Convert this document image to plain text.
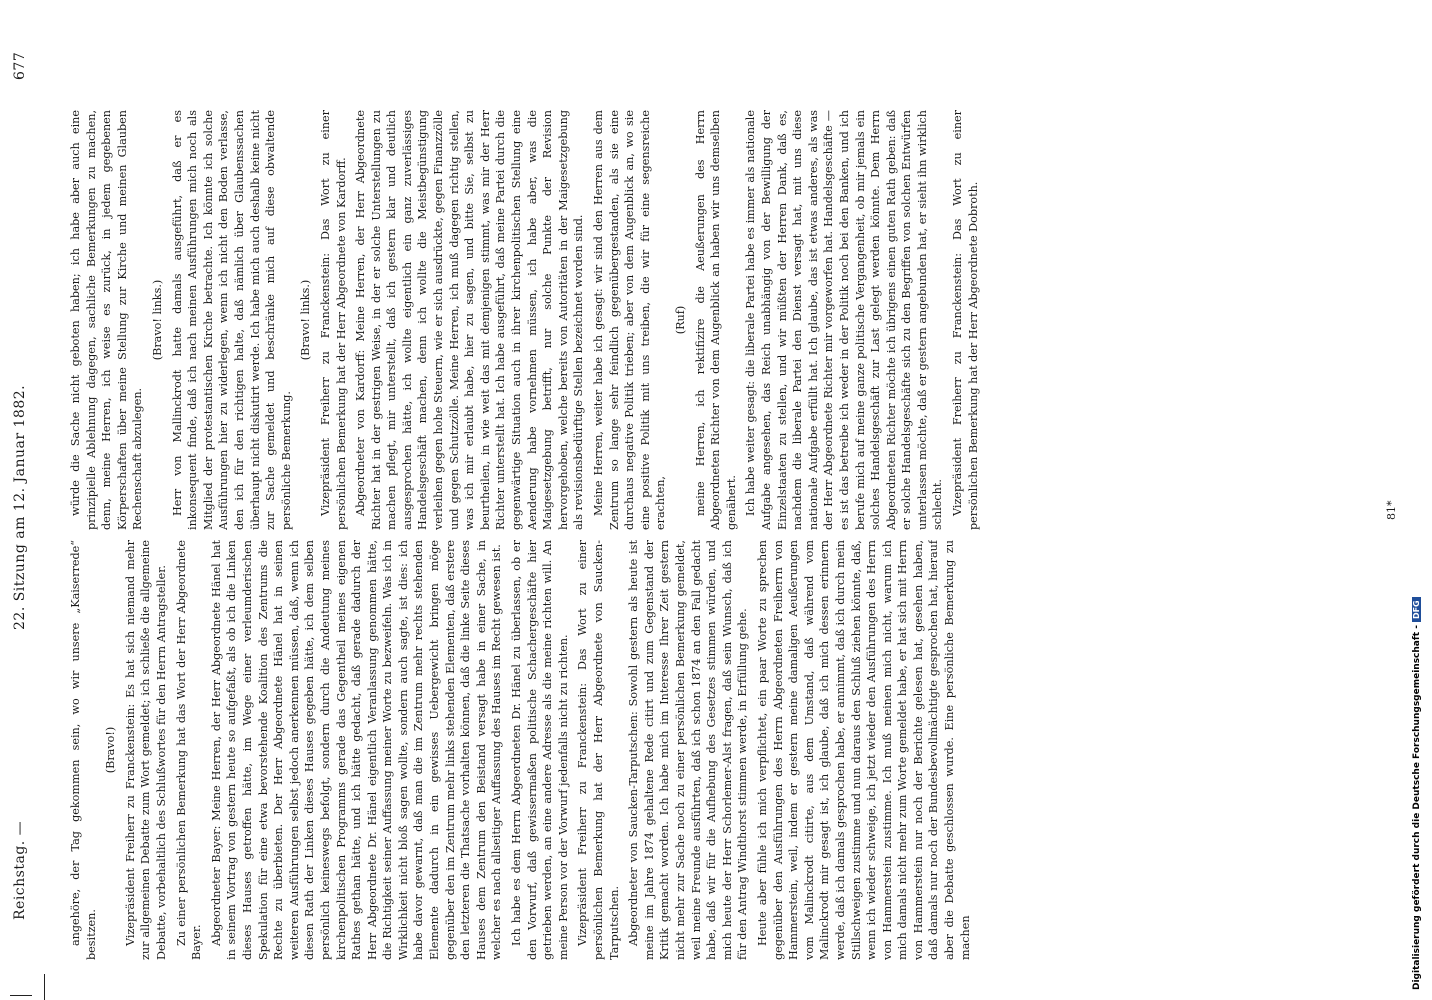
Reichstag. —
22. Sitzung am 12. Januar 1882.
677

angehöre, der Tag gekommen sein, wo wir unsere „Kaiserrede“ besitzen.

(Bravo!) Vizepräsident Freiherr zu Franckenstein: Es hat sich niemand mehr zur allgemeinen Debatte zum Wort gemeldet; ich schließe die allgemeine Debatte, vorbehaltlich des Schlußwortes für den Herrn Antragsteller. Zu einer persönlichen Bemerkung hat das Wort der Herr Abgeordnete Bayer. Abgeordneter Bayer: Meine Herren, der Herr Abgeordnete Hänel hat in seinem Vortrag von gestern heute so aufgefaßt, als ob ich die Linken dieses Hauses getroffen hätte, im Wege einer verleumderischen Spekulation für eine etwa bevorstehende Koalition des Zentrums die Rechte zu überbieten. Der Herr Abgeordnete Hänel hat in seinen weiteren Ausführungen selbst jedoch anerkennen müssen, daß, wenn ich diesen Rath der Linken dieses Hauses gegeben hätte, ich dem selben persönlich keineswegs befolgt, sondern durch die Andeutung meines kirchenpolitischen Programms gerade das Gegentheil meines eigenen Rathes gethan hätte, und ich hätte gedacht, daß gerade dadurch der Herr Abgeordnete Dr. Hänel eigentlich Veranlassung genommen hätte, die Richtigkeit seiner Auffassung meiner Worte zu bezweifeln. Was ich in Wirklichkeit nicht bloß sagen wollte, sondern auch sagte, ist dies: ich habe davor gewarnt, daß man die im Zentrum mehr rechts stehenden Elemente dadurch in ein gewisses Uebergewicht bringen möge gegenüber den im Zentrum mehr links stehenden Elementen, daß erstere den letzteren die Thatsache vorhalten können, daß die linke Seite dieses Hauses dem Zentrum den Beistand versagt habe in einer Sache, in welcher es nach allseitiger Auffassung des Hauses im Recht gewesen ist. Ich habe es dem Herrn Abgeordneten Dr. Hänel zu überlassen, ob er den Vorwurf, daß gewissermaßen politische Schachergeschäfte hier getrieben werden, an eine andere Adresse als die meine richten will. An meine Person vor der Vorwurf jedenfalls nicht zu richten. Vizepräsident Freiherr zu Franckenstein: Das Wort zu einer persönlichen Bemerkung hat der Herr Abgeordnete von Saucken-Tarputschen. Abgeordneter von Saucken-Tarputschen: Sowohl gestern als heute ist meine im Jahre 1874 gehaltene Rede citirt und zum Gegenstand der Kritik gemacht worden. Ich habe mich im Interesse Ihrer Zeit gestern nicht mehr zur Sache noch zu einer persönlichen Bemerkung gemeldet, weil meine Freunde ausführten, daß ich schon 1874 an den Fall gedacht habe, daß wir für die Aufhebung des Gesetzes stimmen würden, und mich heute der Herr Schorlemer-Alst fragen, daß sein Wunsch, daß ich für den Antrag Windthorst stimmen werde, in Erfüllung gehe. Heute aber fühle ich mich verpflichtet, ein paar Worte zu sprechen gegenüber den Ausführungen des Herrn Abgeordneten Freiherrn von Hammerstein, weil, indem er gestern meine damaligen Aeußerungen vom Malinckrodt citirte, aus dem Umstand, daß während vom Malinckrodt mir gesagt ist, ich glaube, daß ich mich dessen erinnern werde, daß ich damals gesprochen habe, er annimmt, daß ich durch mein Stillschweigen zustimme und nun daraus den Schluß ziehen könnte, daß, wenn ich wieder schweige, ich jetzt wieder den Ausführungen des Herrn von Hammerstein zustimme. Ich muß meinen mich nicht, warum ich mich damals nicht mehr zum Worte gemeldet habe, er hat sich mit Herrn von Hammerstein nur noch der Berichte gelesen hat, gesehen haben, daß damals nur noch der Bundesbevollmächtigte gesprochen hat, hierauf aber die Debatte geschlossen wurde. Eine persönliche Bemerkung zu machen

würde die Sache nicht geboten haben; ich habe aber auch eine prinzipielle Ablehnung dagegen, sachliche Bemerkungen zu machen, denn, meine Herren, ich weise es zurück, in jedem gegebenen Körperschaften über meine Stellung zur Kirche und meinen Glauben Rechenschaft abzulegen.

(Bravo! links.) Herr von Mallinckrodt hatte damals ausgeführt, daß er es inkonsequent finde, daß ich nach meinen Ausführungen mich noch als Mitglied der protestantischen Kirche betrachte. Ich könnte ich solche Ausführungen hier zu widerlegen, wenn ich nicht den Boden verlasse, den ich für den richtigen halte, daß nämlich über Glaubenssachen überhaupt nicht diskutirt werde. Ich habe mich auch deshalb keine nicht zur Sache gemeldet und beschränke mich auf diese obwaltende persönliche Bemerkung.

(Bravo! links.) Vizepräsident Freiherr zu Franckenstein: Das Wort zu einer persönlichen Bemerkung hat der Herr Abgeordnete von Kardorff. Abgeordneter von Kardorff: Meine Herren, der Herr Abgeordnete Richter hat in der gestrigen Weise, in der er solche Unterstellungen zu machen pflegt, mir unterstellt, daß ich gestern klar und deutlich ausgesprochen hätte, ich wollte eigentlich ein ganz zuverlässiges Handelsgeschäft machen, denn ich wollte die Meistbegünstigung verleihen gegen hohe Steuern, wie er sich ausdrückte, gegen Finanzzölle und gegen Schutzzölle. Meine Herren, ich muß dagegen richtig stellen, was ich mir erlaubt habe, hier zu sagen, und bitte Sie, selbst zu beurtheilen, in wie weit das mit demjenigen stimmt, was mir der Herr Richter unterstellt hat. Ich habe ausgeführt, daß meine Partei durch die gegenwärtige Situation auch in ihrer kirchenpolitischen Stellung eine Aenderung habe vornehmen müssen, ich habe aber, was die Maigesetzgebung betrifft, nur solche Punkte der Revision hervorgehoben, welche bereits von Autoritäten in der Maigesetzgebung als revisionsbedürftige Stellen bezeichnet worden sind. Meine Herren, weiter habe ich gesagt: wir sind den Herren aus dem Zentrum so lange sehr feindlich gegenübergestanden, als sie eine durchaus negative Politik trieben; aber von dem Augenblick an, wo sie eine positive Politik mit uns treiben, die wir für eine segensreiche erachten,

(Ruf) meine Herren, ich rektifizire die Aeußerungen des Herrn Abgeordneten Richter von dem Augenblick an haben wir uns demselben genähert. Ich habe weiter gesagt: die liberale Partei habe es immer als nationale Aufgabe angesehen, das Reich unabhängig von der Bewilligung der Einzelstaaten zu stellen, und wir müßten der Herren Dank, daß es, nachdem die liberale Partei den Dienst versagt hat, mit uns diese nationale Aufgabe erfüllt hat. Ich glaube, das ist etwas anderes, als was der Herr Abgeordnete Richter mir vorgeworfen hat. Handelsgeschäfte — es ist das betreibe ich weder in der Politik noch bei den Banken, und ich berufe mich auf meine ganze politische Vergangenheit, ob mir jemals ein solches Handelsgeschäft zur Last gelegt werden könnte. Dem Herrn Abgeordneten Richter möchte ich übrigens einen guten Rath geben: daß er solche Handelsgeschäfte sich zu den Begriffen von solchen Entwürfen unterlassen möchte, daß er gestern angebunden hat, er sieht ihn wirklich schlecht. Vizepräsident Freiherr zu Franckenstein: Das Wort zu einer persönlichen Bemerkung hat der Herr Abgeordnete Dobroth.	81*
Digitalisierung gefördert durch die Deutsche Forschungsgemeinschaft -DFG
